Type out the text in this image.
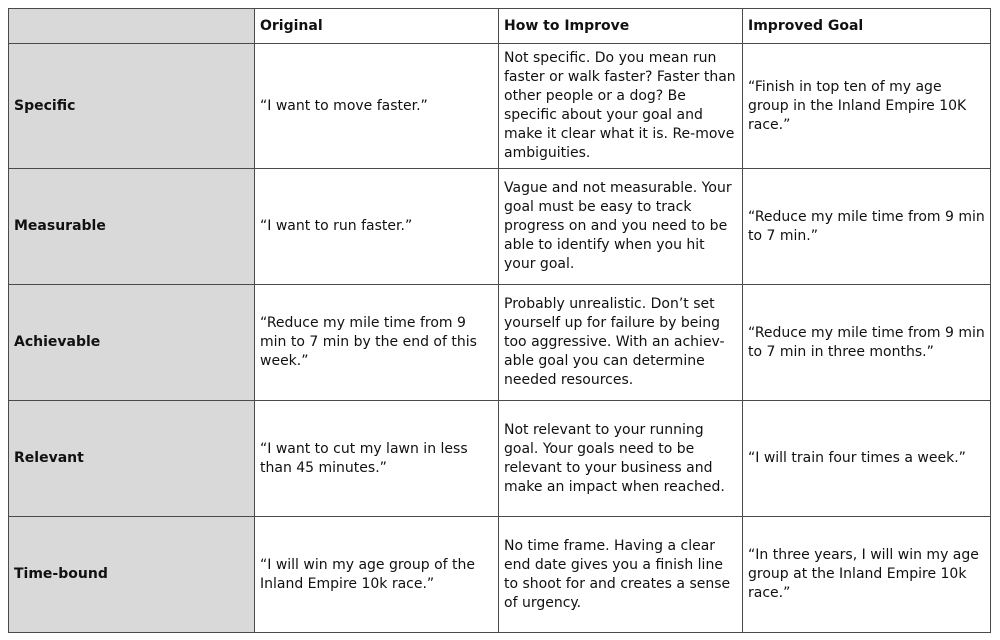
	Original	How to Improve	Improved Goal
Specific	“I want to move faster.”	Not specific. Do you mean run faster or walk faster? Faster than other people or a dog? Be specific about your goal and make it clear what it is. Re-move ambiguities.	“Finish in top ten of my age group in the Inland Empire 10K race.”
Measurable	“I want to run faster.”	Vague and not measurable. Your goal must be easy to track progress on and you need to be able to identify when you hit your goal.	“Reduce my mile time from 9 min to 7 min.”
Achievable	“Reduce my mile time from 9 min to 7 min by the end of this week.”	Probably unrealistic. Don’t set yourself up for failure by being too aggressive. With an achiev-able goal you can determine needed resources.	“Reduce my mile time from 9 min to 7 min in three months.”
Relevant	“I want to cut my lawn in less than 45 minutes.”	Not relevant to your running goal. Your goals need to be relevant to your business and make an impact when reached.	“I will train four times a week.”
Time-bound	“I will win my age group of the Inland Empire 10k race.”	No time frame. Having a clear end date gives you a finish line to shoot for and creates a sense of urgency.	“In three years, I will win my age group at the Inland Empire 10k race.”
